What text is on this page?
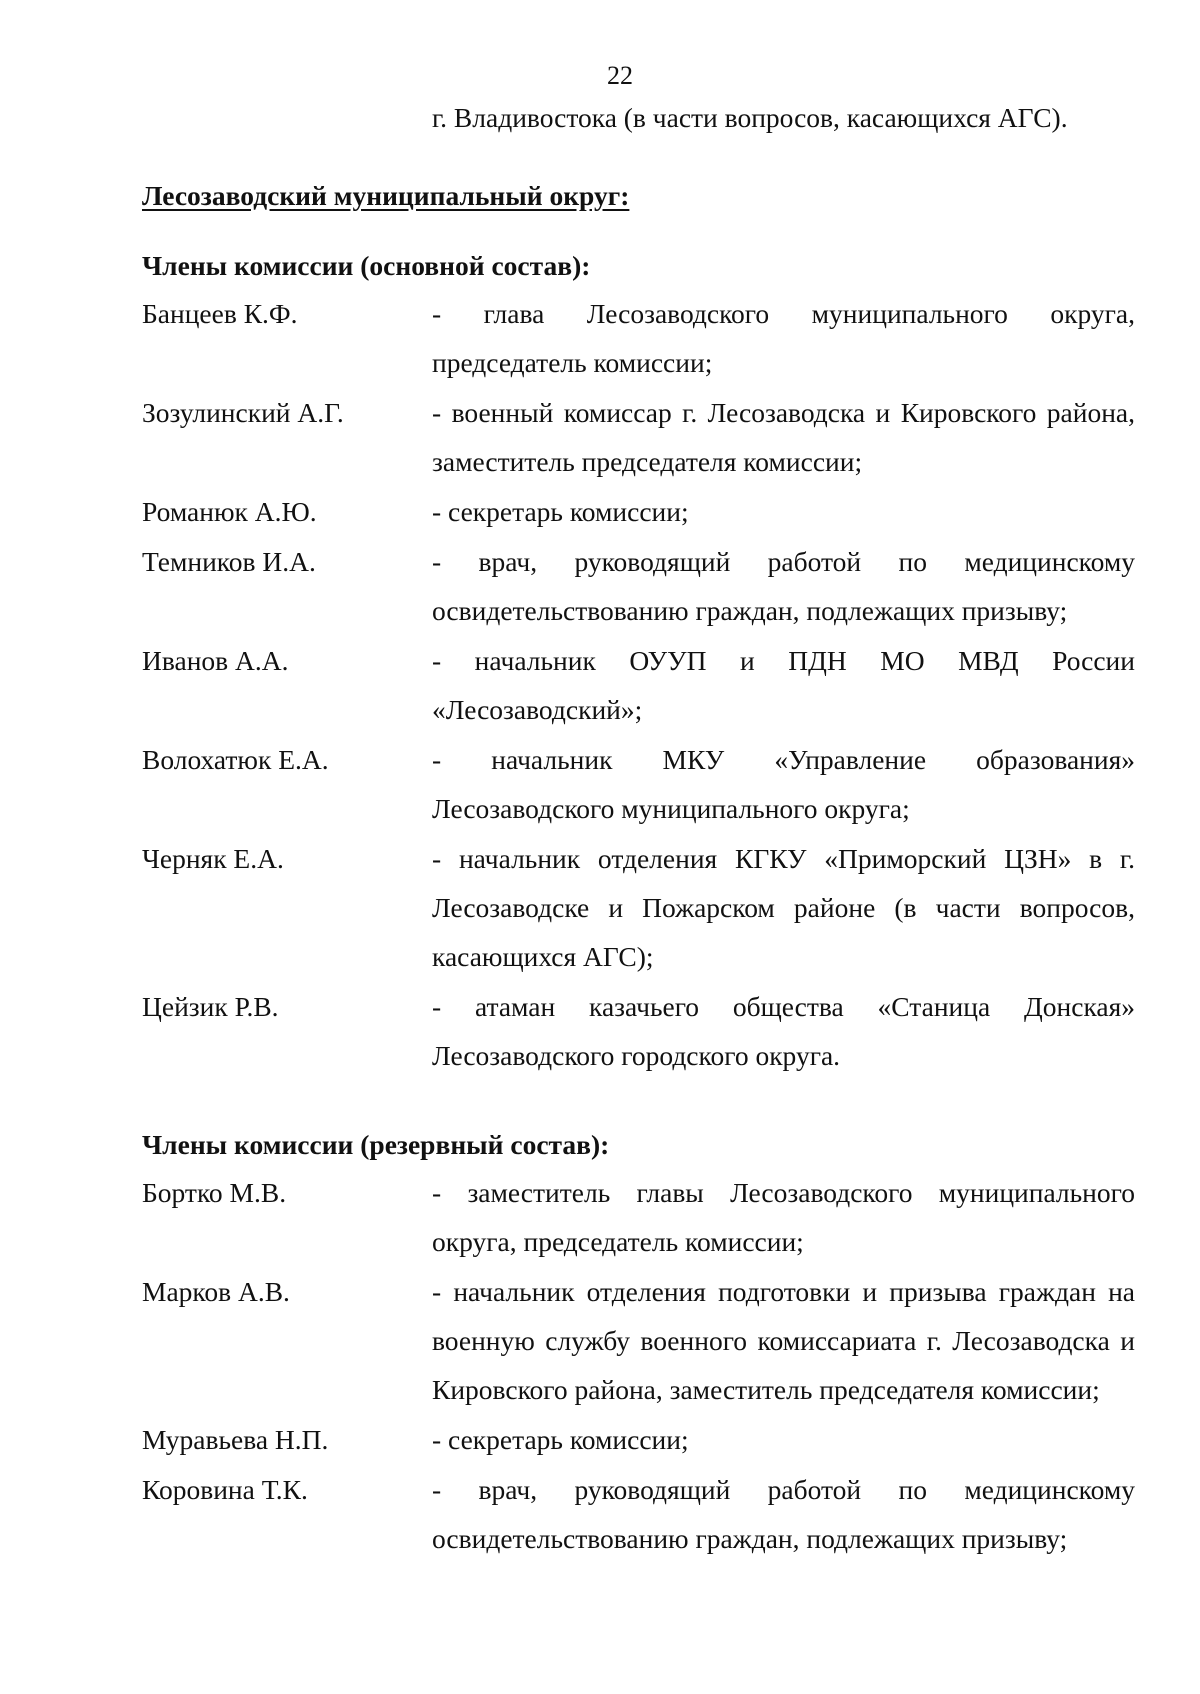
22
г. Владивостока (в части вопросов, касающихся АГС).
Лесозаводский муниципальный округ:
Члены комиссии (основной состав):
Банцеев К.Ф.	- глава Лесозаводского муниципального округа, председатель комиссии;
Зозулинский А.Г.	- военный комиссар г. Лесозаводска и Кировского района, заместитель председателя комиссии;
Романюк А.Ю.	- секретарь комиссии;
Темников И.А.	- врач, руководящий работой по медицинскому освидетельствованию граждан, подлежащих призыву;
Иванов А.А.	- начальник ОУУП и ПДН МО МВД России «Лесозаводский»;
Волохатюк Е.А.	- начальник МКУ «Управление образования» Лесозаводского муниципального округа;
Черняк Е.А.	- начальник отделения КГКУ «Приморский ЦЗН» в г. Лесозаводске и Пожарском районе (в части вопросов, касающихся АГС);
Цейзик Р.В.	- атаман казачьего общества «Станица Донская» Лесозаводского городского округа.
Члены комиссии (резервный состав):
Бортко М.В.	- заместитель главы Лесозаводского муниципального округа, председатель комиссии;
Марков А.В.	- начальник отделения подготовки и призыва граждан на военную службу военного комиссариата г. Лесозаводска и Кировского района, заместитель председателя комиссии;
Муравьева Н.П.	- секретарь комиссии;
Коровина Т.К.	- врач, руководящий работой по медицинскому освидетельствованию граждан, подлежащих призыву;
